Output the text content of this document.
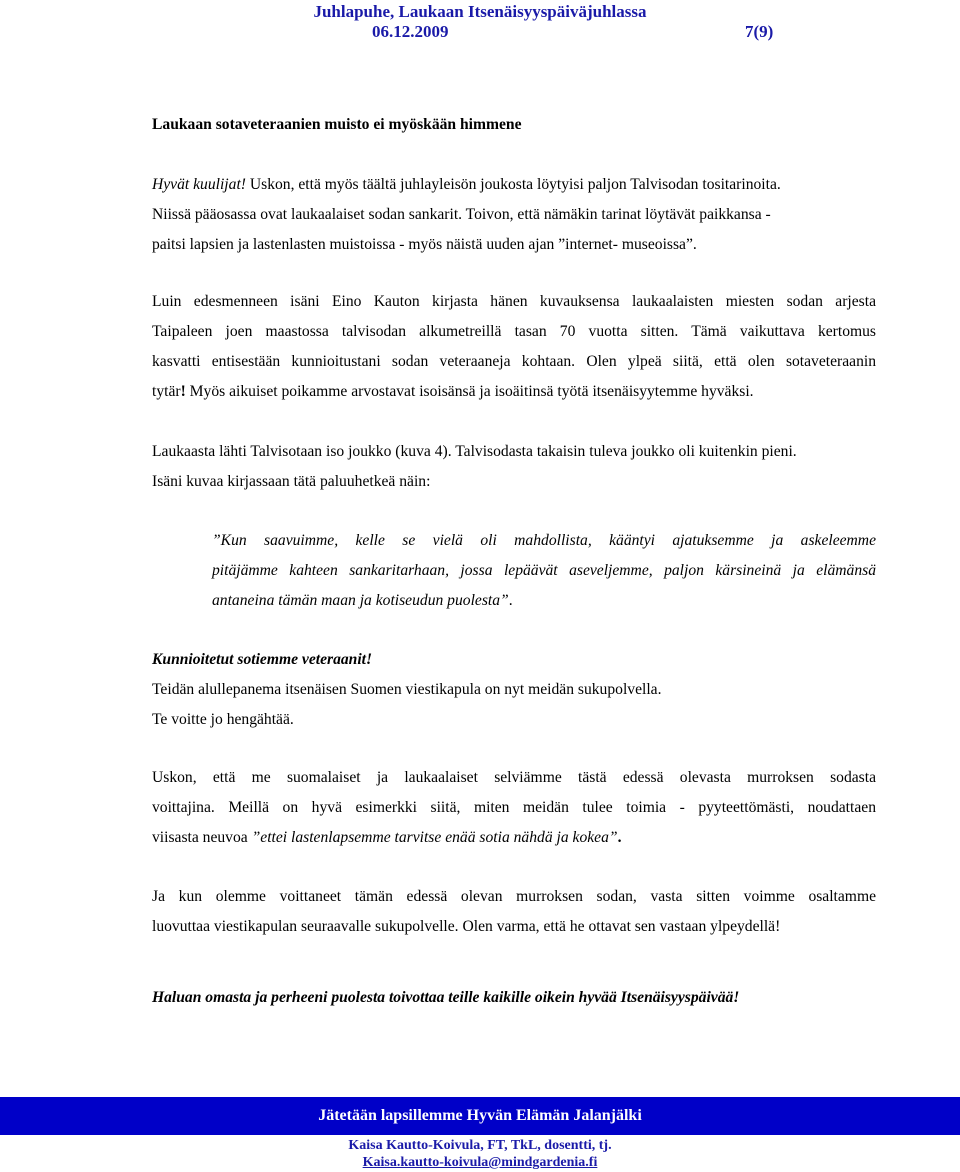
Juhlapuhe, Laukaan Itsenäisyyspäiväjuhlassa
06.12.2009	7(9)
Laukaan sotaveteraanien muisto ei myöskään himmene
Hyvät kuulijat! Uskon, että myös täältä juhlayleisön joukosta löytyisi paljon Talvisodan tositarinoita.
Niissä pääosassa ovat laukaalaiset sodan sankarit. Toivon, että nämäkin tarinat löytävät paikkansa -
paitsi lapsien ja lastenlasten muistoissa - myös näistä uuden ajan ”internet- museoissa”.
Luin edesmenneen isäni Eino Kauton kirjasta hänen kuvauksensa laukaalaisten miesten sodan arjesta
Taipaleen joen maastossa talvisodan alkumetreillä tasan 70 vuotta sitten. Tämä vaikuttava kertomus
kasvatti entisestään kunnioitustani sodan veteraaneja kohtaan. Olen ylpeä siitä, että olen sotaveteraanin
tytär! Myös aikuiset poikamme arvostavat isoisänsä ja isoäitinsä työtä itsenäisyytemme hyväksi.
Laukaasta lähti Talvisotaan iso joukko (kuva 4). Talvisodasta takaisin tuleva joukko oli kuitenkin pieni.
Isäni kuvaa kirjassaan tätä paluuhetkeä näin:
”Kun saavuimme, kelle se vielä oli mahdollista, kääntyi ajatuksemme ja askeleemme
pitäjämme kahteen sankaritarhaan, jossa lepäävät aseveljemme, paljon kärsineinä ja elämänsä
antaneina tämän maan ja kotiseudun puolesta”.
Kunnioitetut sotiemme veteraanit!
Teidän alullepanema itsenäisen Suomen viestikapula on nyt meidän sukupolvella.
Te voitte jo hengähtää.
Uskon, että me suomalaiset ja laukaalaiset selviämme tästä edessä olevasta murroksen sodasta
voittajina. Meillä on hyvä esimerkki siitä, miten meidän tulee toimia - pyyteettömästi, noudattaen
viisasta neuvoa ”ettei lastenlapsemme tarvitse enää sotia nähdä ja kokea”.
Ja kun olemme voittaneet tämän edessä olevan murroksen sodan, vasta sitten voimme osaltamme
luovuttaa viestikapulan seuraavalle sukupolvelle. Olen varma, että he ottavat sen vastaan ylpeydellä!
Haluan omasta ja perheeni puolesta toivottaa teille kaikille oikein hyvää Itsenäisyyspäivää!
Jätetään lapsillemme Hyvän Elämän Jalanjälki
Kaisa Kautto-Koivula, FT, TkL, dosentti, tj.
Kaisa.kautto-koivula@mindgardenia.fi
